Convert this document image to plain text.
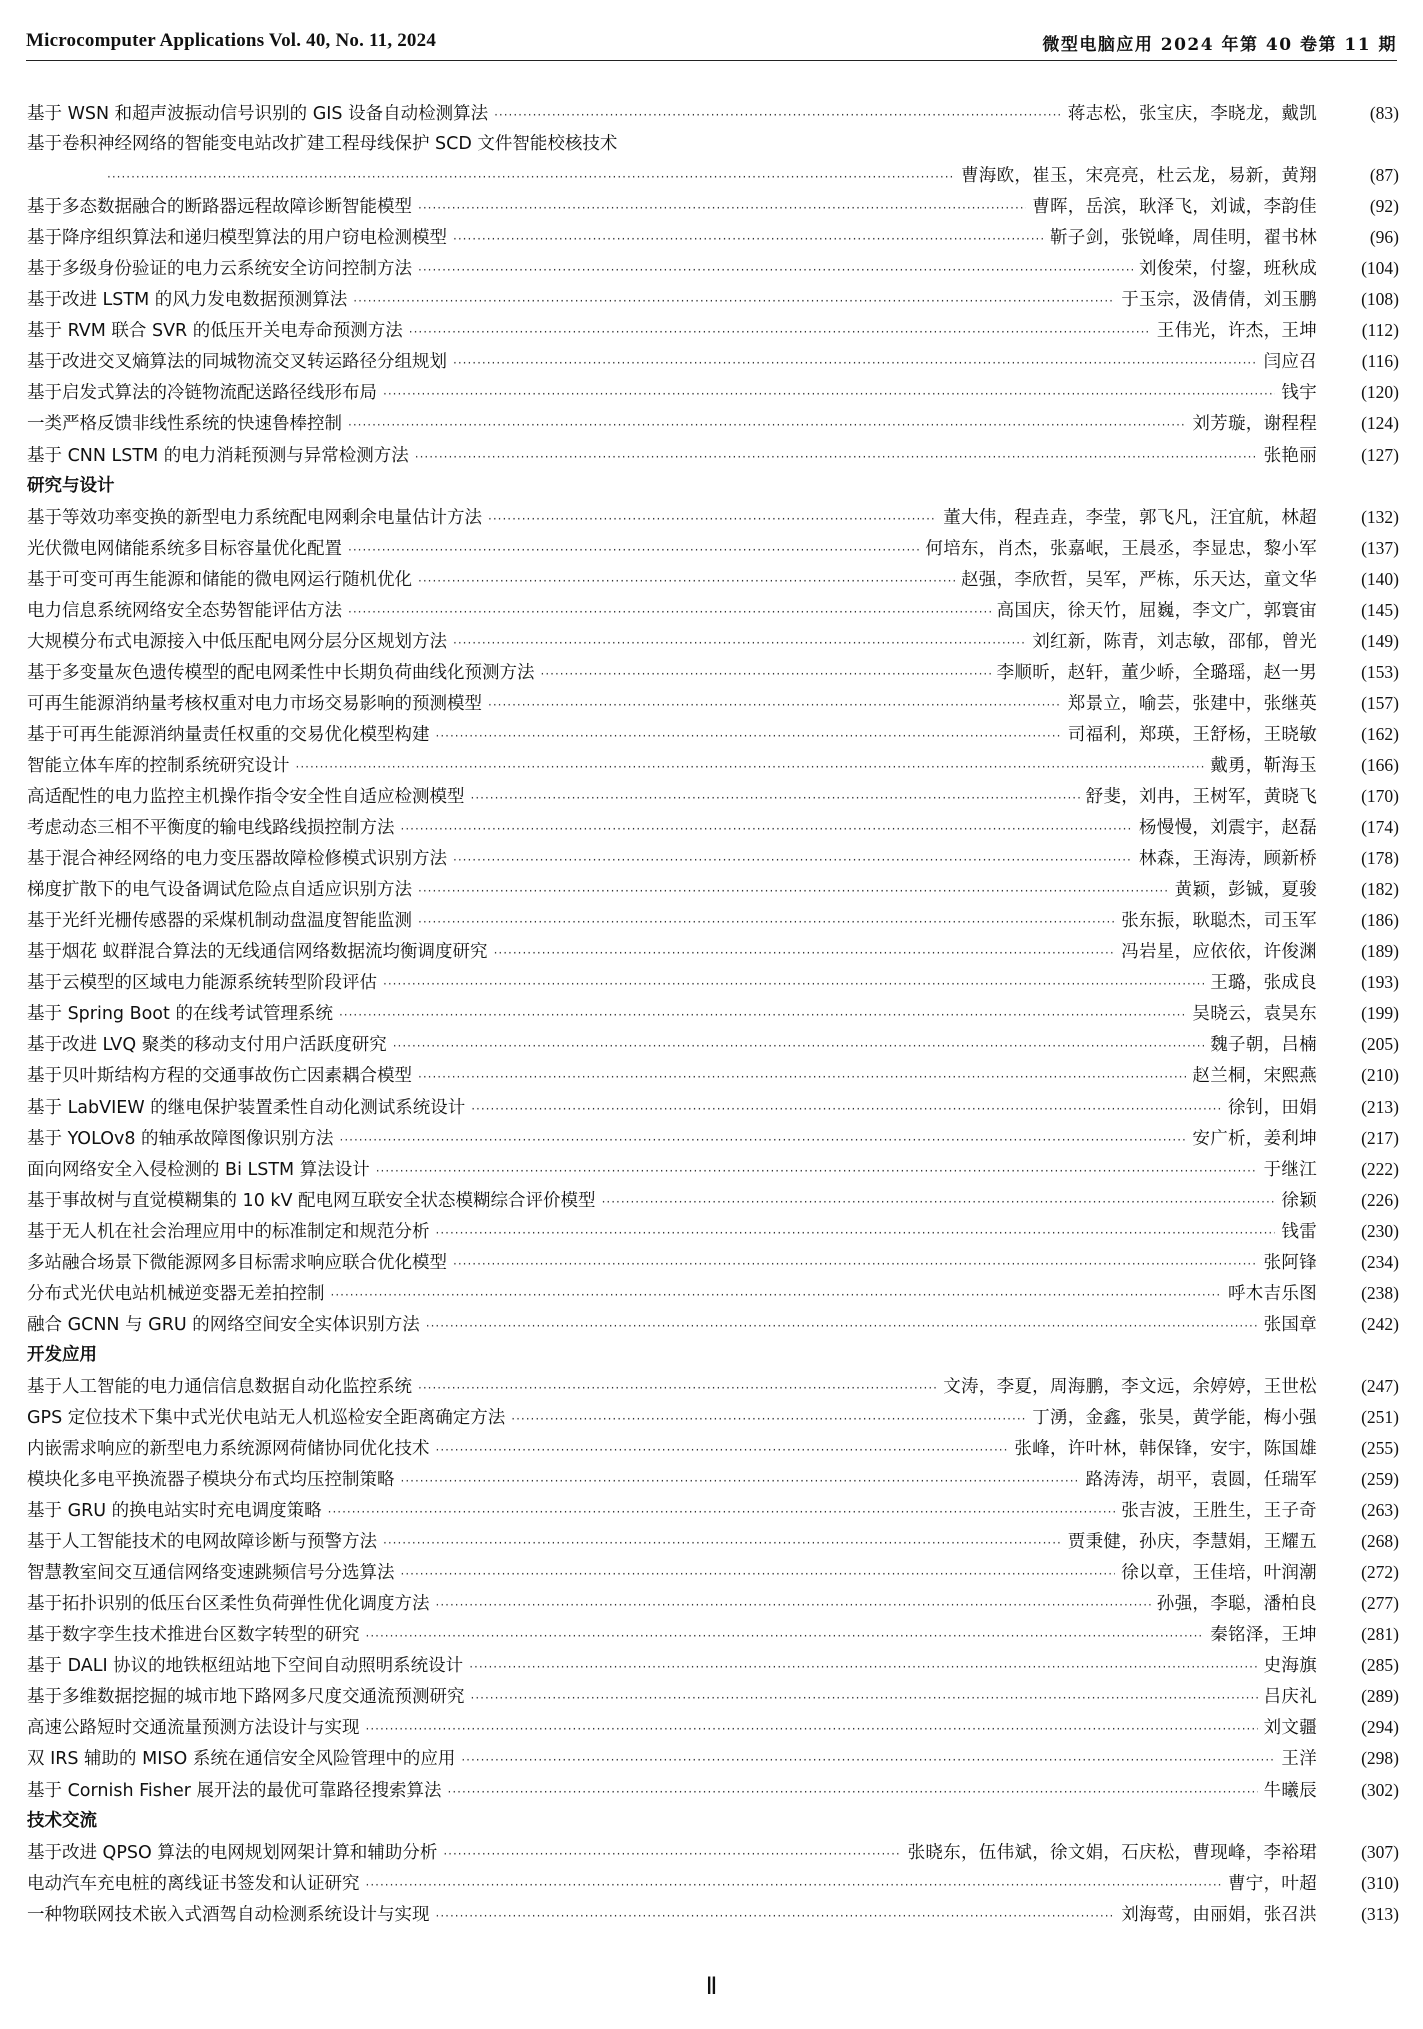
Microcomputer Applications Vol. 40, No. 11, 2024	微型电脑应用 2024 年第 40 卷第 11 期
基于 WSN 和超声波振动信号识别的 GIS 设备自动检测算法 ·····	蒋志松，张宝庆，李晓龙，戴凯	(83)
基于卷积神经网络的智能变电站改扩建工程母线保护 SCD 文件智能校核技术
·····
曹海欧，崔玉，宋亮亮，杜云龙，易新，黄翔	(87)
基于多态数据融合的断路器远程故障诊断智能模型 ·····	曹晖，岳滨，耿泽飞，刘诚，李韵佳	(92)
基于降序组织算法和递归模型算法的用户窃电检测模型 ·····	靳子剑，张锐峰，周佳明，翟书林	(96)
基于多级身份验证的电力云系统安全访问控制方法 ·····	刘俊荣，付鋆，班秋成	(104)
基于改进 LSTM 的风力发电数据预测算法 ·····	于玉宗，汲倩倩，刘玉鹏	(108)
基于 RVM 联合 SVR 的低压开关电寿命预测方法 ·····	王伟光，许杰，王坤	(112)
基于改进交叉熵算法的同城物流交叉转运路径分组规划 ·····	闫应召	(116)
基于启发式算法的冷链物流配送路径线形布局 ·····	钱宇	(120)
一类严格反馈非线性系统的快速鲁棒控制 ·····	刘芳璇，谢程程	(124)
基于 CNN LSTM 的电力消耗预测与异常检测方法 ·····	张艳丽	(127)
研究与设计
基于等效功率变换的新型电力系统配电网剩余电量估计方法 ·····	董大伟，程垚垚，李莹，郭飞凡，汪宜航，林超	(132)
光伏微电网储能系统多目标容量优化配置 ·····	何培东，肖杰，张嘉岷，王晨丞，李显忠，黎小军	(137)
基于可变可再生能源和储能的微电网运行随机优化 ·····	赵强，李欣哲，吴军，严栋，乐天达，童文华	(140)
电力信息系统网络安全态势智能评估方法 ·····	高国庆，徐天竹，屈巍，李文广，郭寰宙	(145)
大规模分布式电源接入中低压配电网分层分区规划方法 ·····	刘红新，陈青，刘志敏，邵郁，曾光	(149)
基于多变量灰色遗传模型的配电网柔性中长期负荷曲线化预测方法 ·····	李顺昕，赵轩，董少峤，全璐瑶，赵一男	(153)
可再生能源消纳量考核权重对电力市场交易影响的预测模型 ·····	郑景立，喻芸，张建中，张继英	(157)
基于可再生能源消纳量责任权重的交易优化模型构建 ·····	司福利，郑瑛，王舒杨，王晓敏	(162)
智能立体车库的控制系统研究设计 ·····	戴勇，靳海玉	(166)
高适配性的电力监控主机操作指令安全性自适应检测模型 ·····	舒斐，刘冉，王树军，黄晓飞	(170)
考虑动态三相不平衡度的输电线路线损控制方法 ·····	杨慢慢，刘震宇，赵磊	(174)
基于混合神经网络的电力变压器故障检修模式识别方法 ·····	林森，王海涛，顾新桥	(178)
梯度扩散下的电气设备调试危险点自适应识别方法 ·····	黄颖，彭铖，夏骏	(182)
基于光纤光栅传感器的采煤机制动盘温度智能监测 ·····	张东振，耿聪杰，司玉军	(186)
基于烟花 蚁群混合算法的无线通信网络数据流均衡调度研究 ·····	冯岩星，应依依，许俊渊	(189)
基于云模型的区域电力能源系统转型阶段评估 ·····	王璐，张成良	(193)
基于 Spring Boot 的在线考试管理系统 ·····	吴晓云，袁昊东	(199)
基于改进 LVQ 聚类的移动支付用户活跃度研究 ·····	魏子朝，吕楠	(205)
基于贝叶斯结构方程的交通事故伤亡因素耦合模型 ·····	赵兰桐，宋熙燕	(210)
基于 LabVIEW 的继电保护装置柔性自动化测试系统设计 ·····	徐钊，田娟	(213)
基于 YOLOv8 的轴承故障图像识别方法 ·····	安广析，姜利坤	(217)
面向网络安全入侵检测的 Bi LSTM 算法设计 ·····	于继江	(222)
基于事故树与直觉模糊集的 10 kV 配电网互联安全状态模糊综合评价模型 ·····	徐颖	(226)
基于无人机在社会治理应用中的标准制定和规范分析 ·····	钱雷	(230)
多站融合场景下微能源网多目标需求响应联合优化模型 ·····	张阿锋	(234)
分布式光伏电站机械逆变器无差拍控制 ·····	呼木吉乐图	(238)
融合 GCNN 与 GRU 的网络空间安全实体识别方法 ·····	张国章	(242)
开发应用
基于人工智能的电力通信信息数据自动化监控系统 ·····	文涛，李夏，周海鹏，李文远，余婷婷，王世松	(247)
GPS 定位技术下集中式光伏电站无人机巡检安全距离确定方法 ·····	丁湧，金鑫，张昊，黄学能，梅小强	(251)
内嵌需求响应的新型电力系统源网荷储协同优化技术 ·····	张峰，许叶林，韩保锋，安宇，陈国雄	(255)
模块化多电平换流器子模块分布式均压控制策略 ·····	路涛涛，胡平，袁圆，任瑞军	(259)
基于 GRU 的换电站实时充电调度策略 ·····	张吉波，王胜生，王子奇	(263)
基于人工智能技术的电网故障诊断与预警方法 ·····	贾秉健，孙庆，李慧娟，王耀五	(268)
智慧教室间交互通信网络变速跳频信号分选算法 ·····	徐以章，王佳培，叶润潮	(272)
基于拓扑识别的低压台区柔性负荷弹性优化调度方法 ·····	孙强，李聪，潘柏良	(277)
基于数字孪生技术推进台区数字转型的研究 ·····	秦铭泽，王坤	(281)
基于 DALI 协议的地铁枢纽站地下空间自动照明系统设计 ·····	史海旗	(285)
基于多维数据挖掘的城市地下路网多尺度交通流预测研究 ·····	吕庆礼	(289)
高速公路短时交通流量预测方法设计与实现 ·····	刘文疆	(294)
双 IRS 辅助的 MISO 系统在通信安全风险管理中的应用 ·····	王洋	(298)
基于 Cornish Fisher 展开法的最优可靠路径搜索算法 ·····	牛曦辰	(302)
技术交流
基于改进 QPSO 算法的电网规划网架计算和辅助分析 ·····	张晓东，伍伟斌，徐文娟，石庆松，曹现峰，李裕珺	(307)
电动汽车充电桩的离线证书签发和认证研究 ·····	曹宁，叶超	(310)
一种物联网技术嵌入式酒驾自动检测系统设计与实现 ·····	刘海莺，由丽娟，张召洪	(313)
Ⅱ
